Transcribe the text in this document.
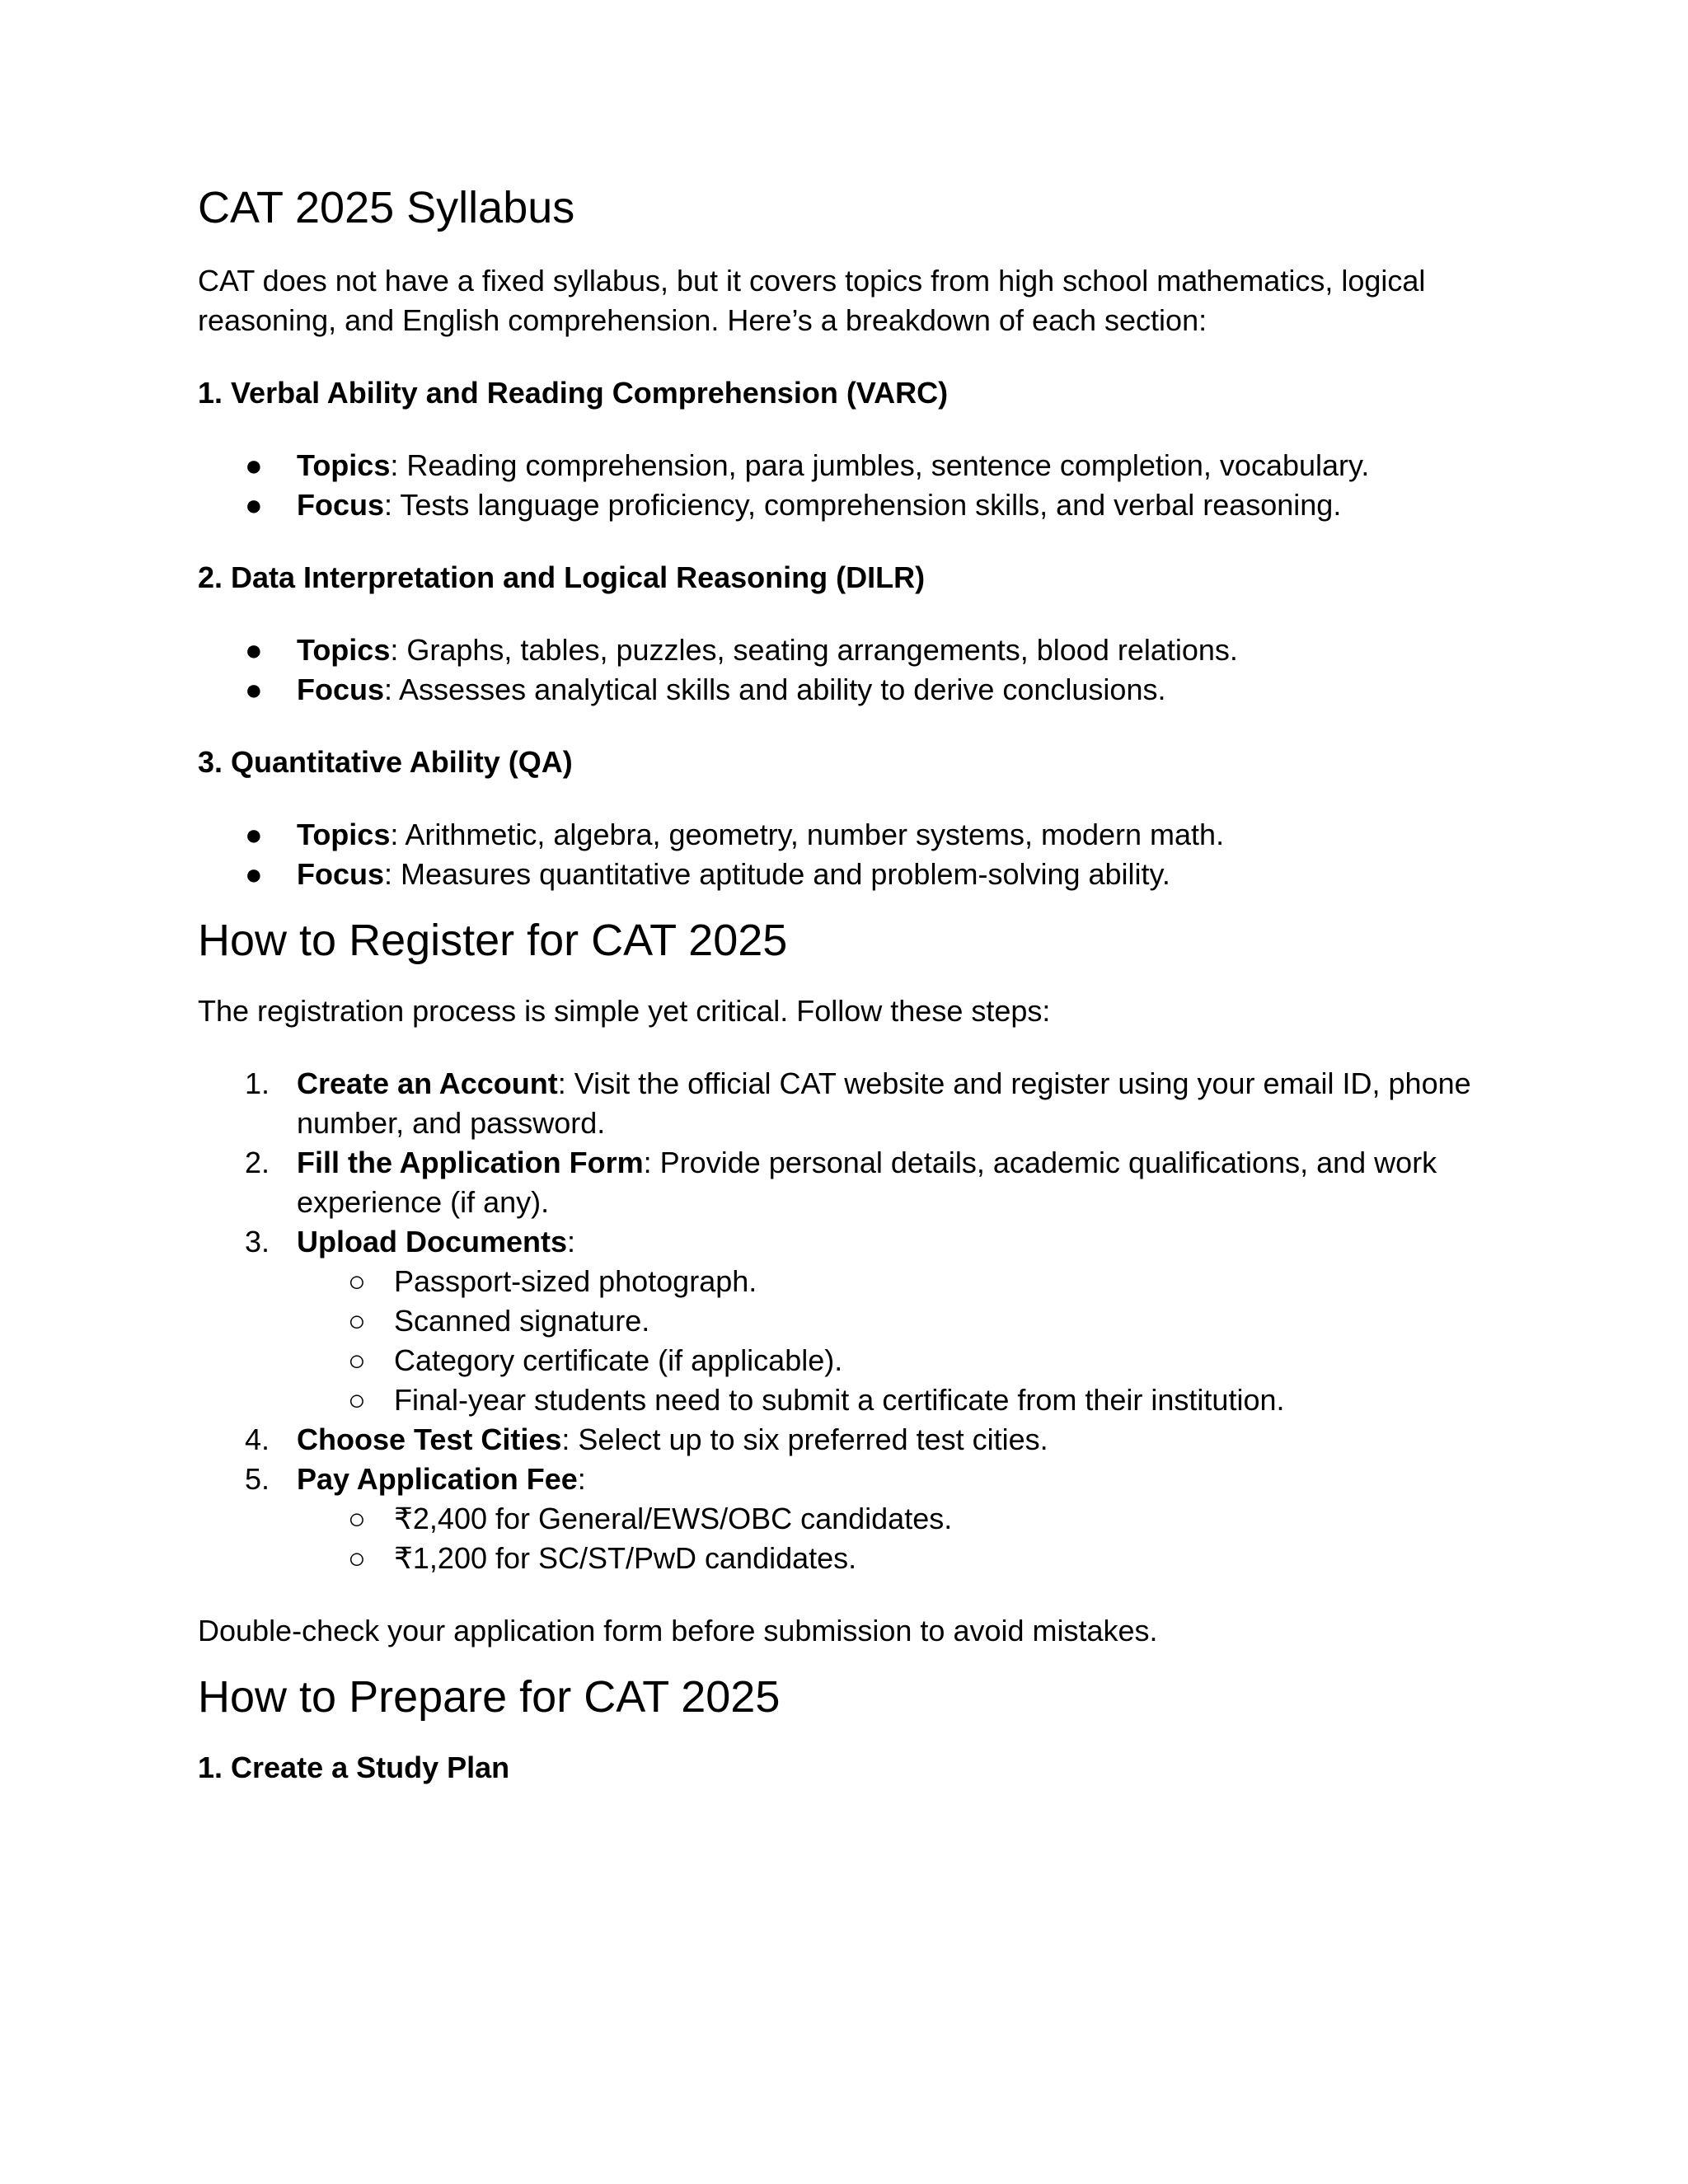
CAT 2025 Syllabus

CAT does not have a fixed syllabus, but it covers topics from high school mathematics, logical reasoning, and English comprehension. Here’s a breakdown of each section:

1. Verbal Ability and Reading Comprehension (VARC)
● Topics: Reading comprehension, para jumbles, sentence completion, vocabulary.
● Focus: Tests language proficiency, comprehension skills, and verbal reasoning.
2. Data Interpretation and Logical Reasoning (DILR)
● Topics: Graphs, tables, puzzles, seating arrangements, blood relations.
● Focus: Assesses analytical skills and ability to derive conclusions.
3. Quantitative Ability (QA)
● Topics: Arithmetic, algebra, geometry, number systems, modern math.
● Focus: Measures quantitative aptitude and problem-solving ability.
How to Register for CAT 2025

The registration process is simple yet critical. Follow these steps:

1. Create an Account: Visit the official CAT website and register using your email ID, phone number, and password.
2. Fill the Application Form: Provide personal details, academic qualifications, and work experience (if any).
3. Upload Documents:
○ Passport-sized photograph.
○ Scanned signature.
○ Category certificate (if applicable).
○ Final-year students need to submit a certificate from their institution.
4. Choose Test Cities: Select up to six preferred test cities.
5. Pay Application Fee:
○ ₹2,400 for General/EWS/OBC candidates.
○ ₹1,200 for SC/ST/PwD candidates.

Double-check your application form before submission to avoid mistakes.

How to Prepare for CAT 2025
1. Create a Study Plan
